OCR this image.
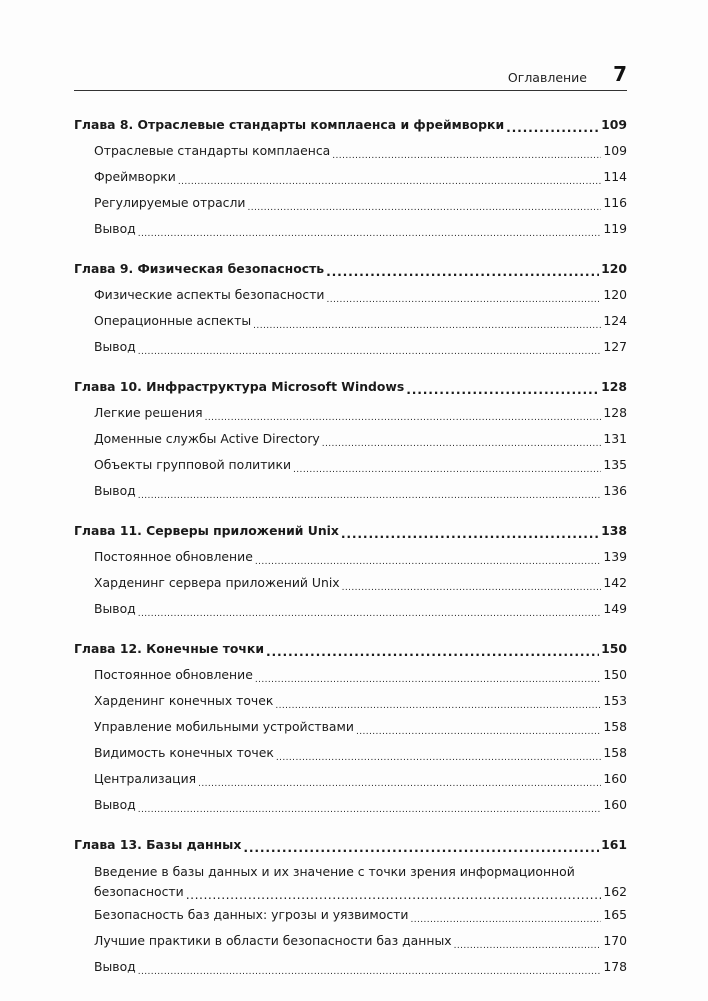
Оглавление 7
Глава 8. Отраслевые стандарты комплаенса и фреймворки .....	109
Отраслевые стандарты комплаенса .....	109
Фреймворки .....	114
Регулируемые отрасли .....	116
Вывод .....	119
Глава 9. Физическая безопасность .....	120
Физические аспекты безопасности .....	120
Операционные аспекты .....	124
Вывод .....	127
Глава 10. Инфраструктура Microsoft Windows .....	128
Легкие решения .....	128
Доменные службы Active Directory .....	131
Объекты групповой политики .....	135
Вывод .....	136
Глава 11. Серверы приложений Unix .....	138
Постоянное обновление .....	139
Харденинг сервера приложений Unix .....	142
Вывод .....	149
Глава 12. Конечные точки .....	150
Постоянное обновление .....	150
Харденинг конечных точек .....	153
Управление мобильными устройствами .....	158
Видимость конечных точек .....	158
Централизация .....	160
Вывод .....	160
Глава 13. Базы данных .....	161
Введение в базы данных и их значение с точки зрения информационной
безопасности .....	162
Безопасность баз данных: угрозы и уязвимости .....	165
Лучшие практики в области безопасности баз данных .....	170
Вывод .....	178
